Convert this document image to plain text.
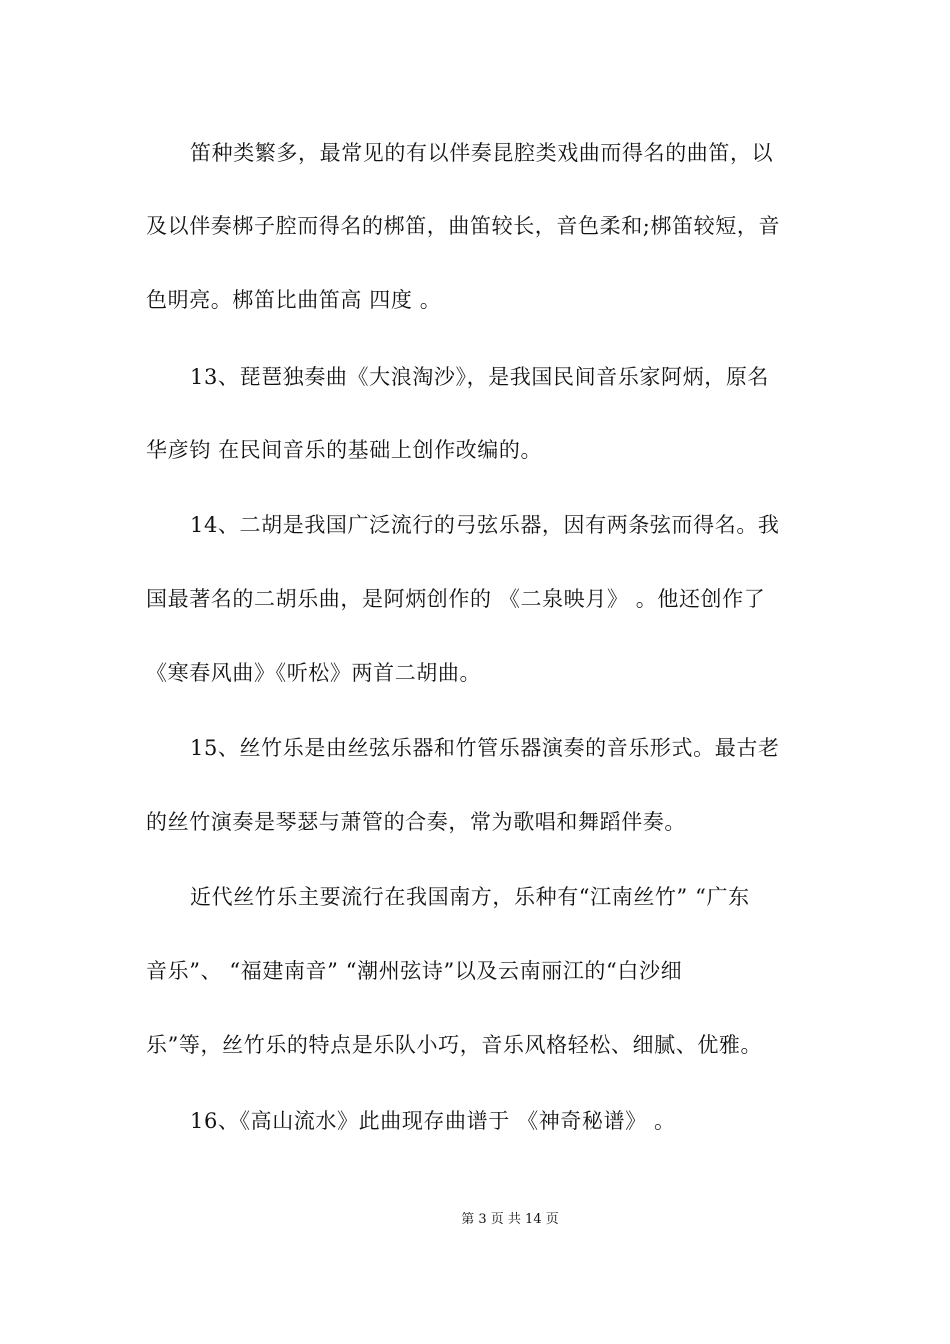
笛种类繁多，最常见的有以伴奏昆腔类戏曲而得名的曲笛，以
及以伴奏梆子腔而得名的梆笛，曲笛较长，音色柔和;梆笛较短，音
色明亮。梆笛比曲笛高 四度 。
13、琵琶独奏曲《大浪淘沙》，是我国民间音乐家阿炳，原名
华彦钧 在民间音乐的基础上创作改编的。
14、二胡是我国广泛流行的弓弦乐器，因有两条弦而得名。我
国最著名的二胡乐曲，是阿炳创作的 《二泉映月》 。他还创作了
《寒春风曲》《听松》两首二胡曲。
15、丝竹乐是由丝弦乐器和竹管乐器演奏的音乐形式。最古老
的丝竹演奏是琴瑟与萧管的合奏，常为歌唱和舞蹈伴奏。
近代丝竹乐主要流行在我国南方，乐种有“江南丝竹” “广东
音乐”、 “福建南音” “潮州弦诗”以及云南丽江的“白沙细
乐”等，丝竹乐的特点是乐队小巧，音乐风格轻松、细腻、优雅。
16、《高山流水》此曲现存曲谱于 《神奇秘谱》 。
第 3 页 共 14 页
